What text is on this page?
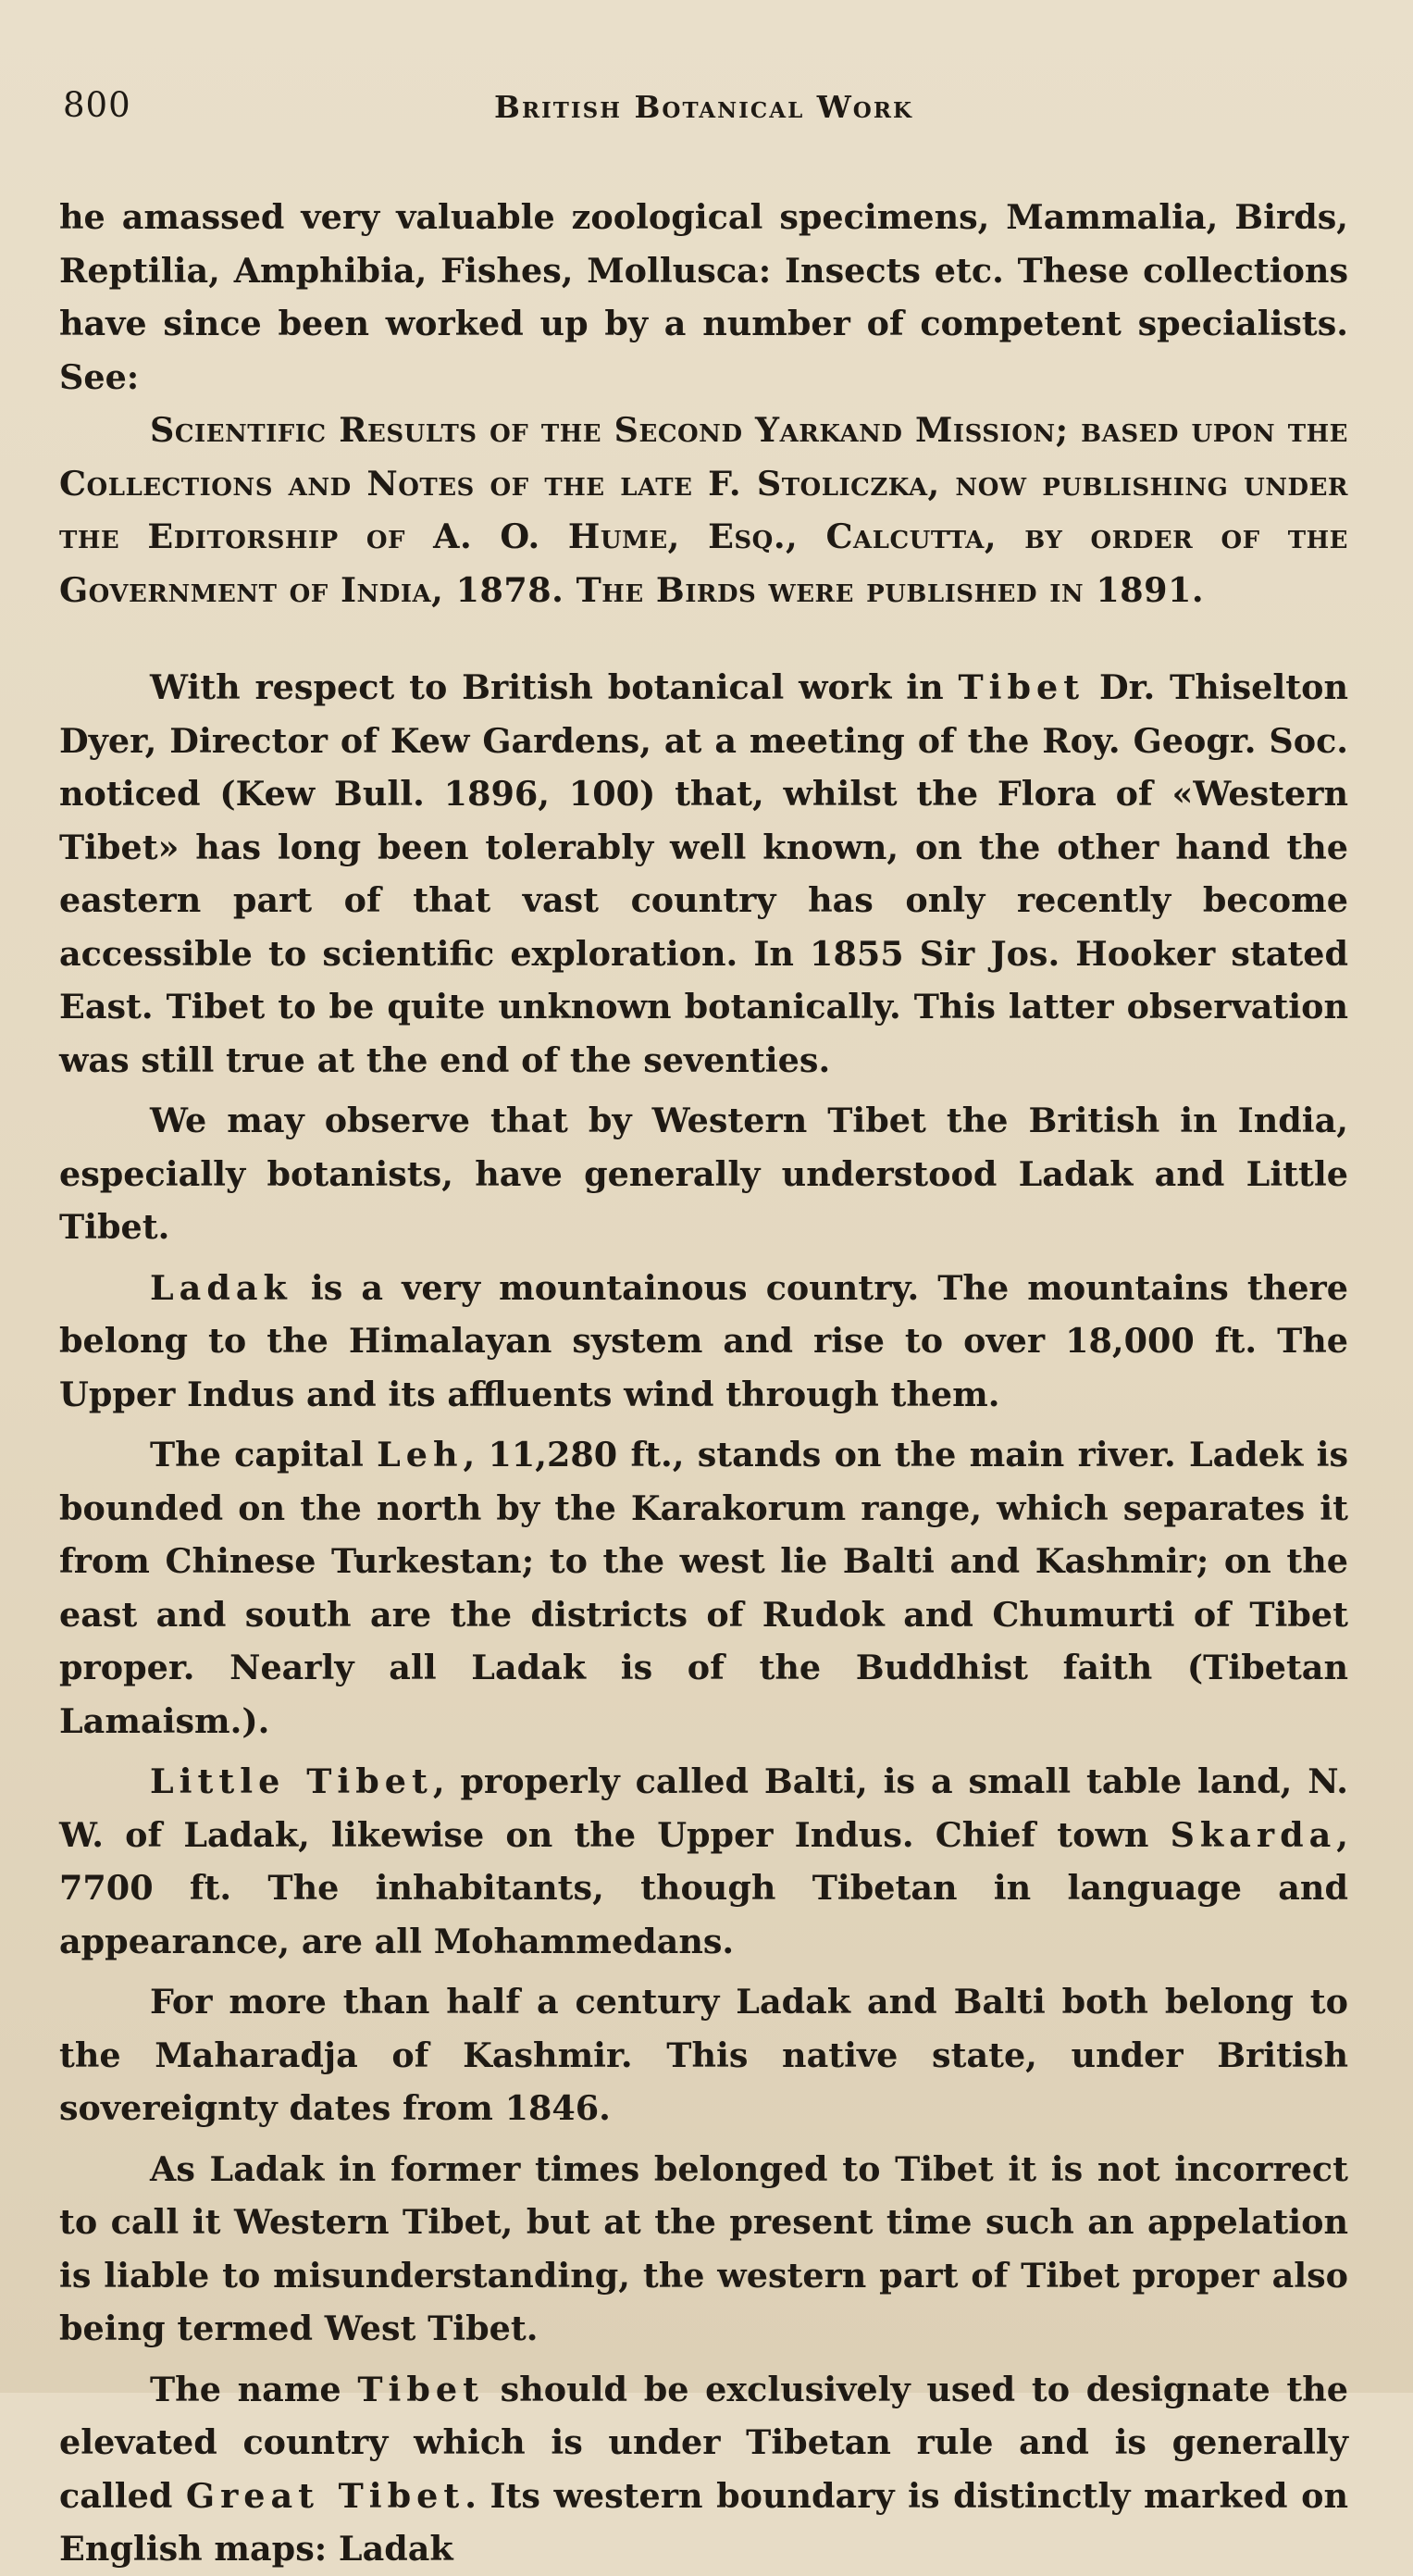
800	British Botanical Work

he amassed very valuable zoological specimens, Mammalia, Birds, Reptilia, Amphibia, Fishes, Mollusca: Insects etc. These collections have since been worked up by a number of competent specialists. See:

Scientific Results of the Second Yarkand Mission; based upon the Collections and Notes of the late F. Stoliczka, now publishing under the Editorship of A. O. Hume, Esq., Calcutta, by order of the Government of India, 1878. The Birds were published in 1891.

With respect to British botanical work in Tibet Dr. Thiselton Dyer, Director of Kew Gardens, at a meeting of the Roy. Geogr. Soc. noticed (Kew Bull. 1896, 100) that, whilst the Flora of «Western Tibet» has long been tolerably well known, on the other hand the eastern part of that vast country has only recently become accessible to scientific exploration. In 1855 Sir Jos. Hooker stated East. Tibet to be quite unknown botanically. This latter observation was still true at the end of the seventies.

We may observe that by Western Tibet the British in India, especially botanists, have generally understood Ladak and Little Tibet.

Ladak is a very mountainous country. The mountains there belong to the Himalayan system and rise to over 18,000 ft. The Upper Indus and its affluents wind through them.

The capital Leh, 11,280 ft., stands on the main river. Ladek is bounded on the north by the Karakorum range, which separates it from Chinese Turkestan; to the west lie Balti and Kashmir; on the east and south are the districts of Rudok and Chumurti of Tibet proper. Nearly all Ladak is of the Buddhist faith (Tibetan Lamaism.).

Little Tibet, properly called Balti, is a small table land, N. W. of Ladak, likewise on the Upper Indus. Chief town Skarda, 7700 ft. The inhabitants, though Tibetan in language and appearance, are all Mohammedans.

For more than half a century Ladak and Balti both belong to the Maharadja of Kashmir. This native state, under British sovereignty dates from 1846.

As Ladak in former times belonged to Tibet it is not incorrect to call it Western Tibet, but at the present time such an appelation is liable to misunderstanding, the western part of Tibet proper also being termed West Tibet.

The name Tibet should be exclusively used to designate the elevated country which is under Tibetan rule and is generally called Great Tibet. Its western boundary is distinctly marked on English maps: Ladak
